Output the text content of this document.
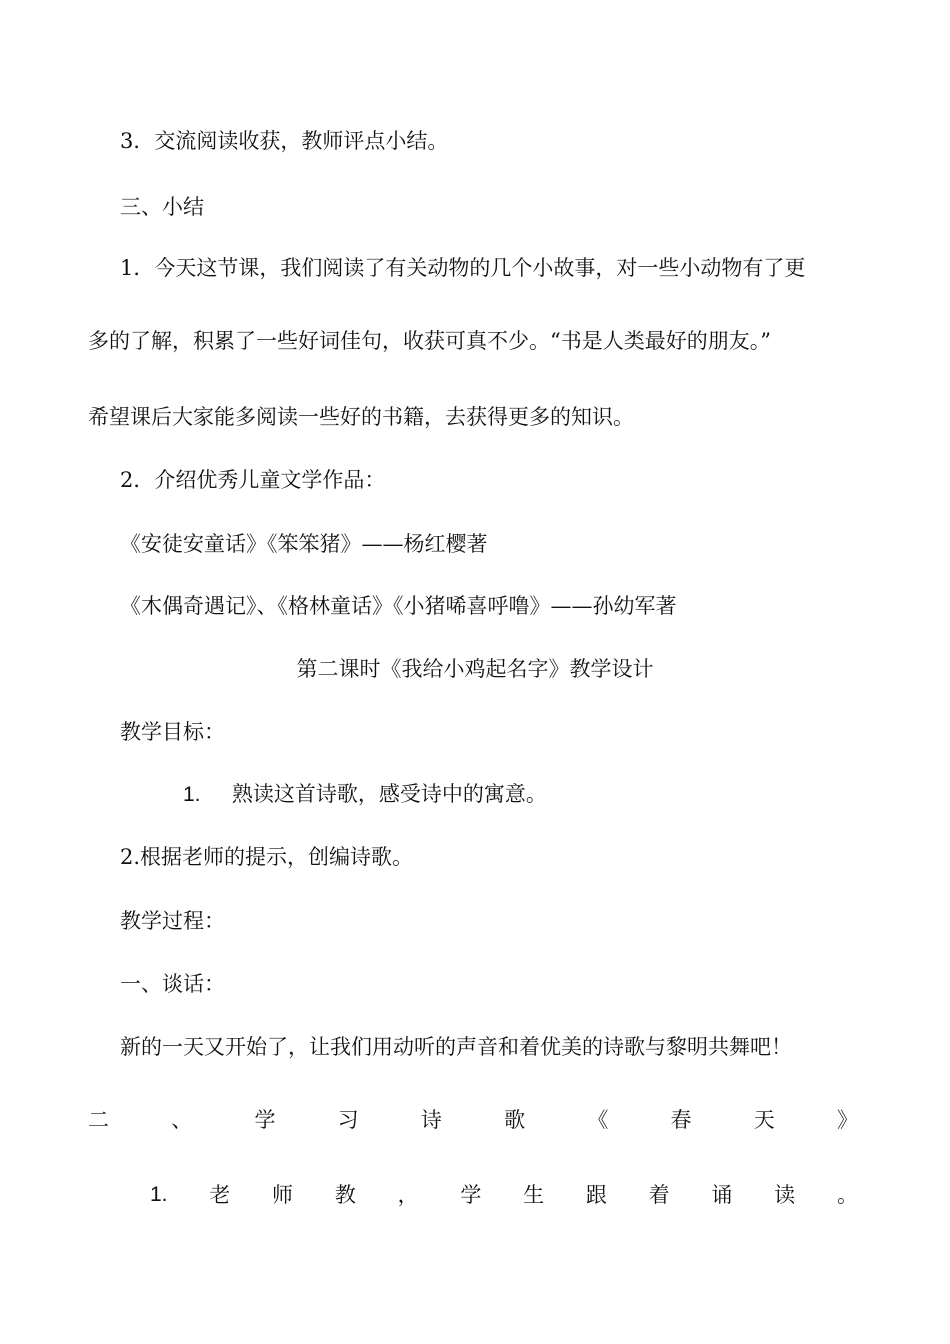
3．交流阅读收获，教师评点小结。
三、小结
1．今天这节课，我们阅读了有关动物的几个小故事，对一些小动物有了更
多的了解，积累了一些好词佳句，收获可真不少。“书是人类最好的朋友。”
希望课后大家能多阅读一些好的书籍，去获得更多的知识。
2．介绍优秀儿童文学作品：
《安徒安童话》《笨笨猪》——杨红樱著
《木偶奇遇记》、《格林童话》《小猪唏喜呼噜》——孙幼军著
第二课时《我给小鸡起名字》教学设计
教学目标：
1. 熟读这首诗歌，感受诗中的寓意。
2.根据老师的提示，创编诗歌。
教学过程：
一、谈话：
新的一天又开始了，让我们用动听的声音和着优美的诗歌与黎明共舞吧！
二	、	学	习	诗	歌	《	春	天	》
1. 老 师 教 ， 学 生 跟 着 诵 读 。
